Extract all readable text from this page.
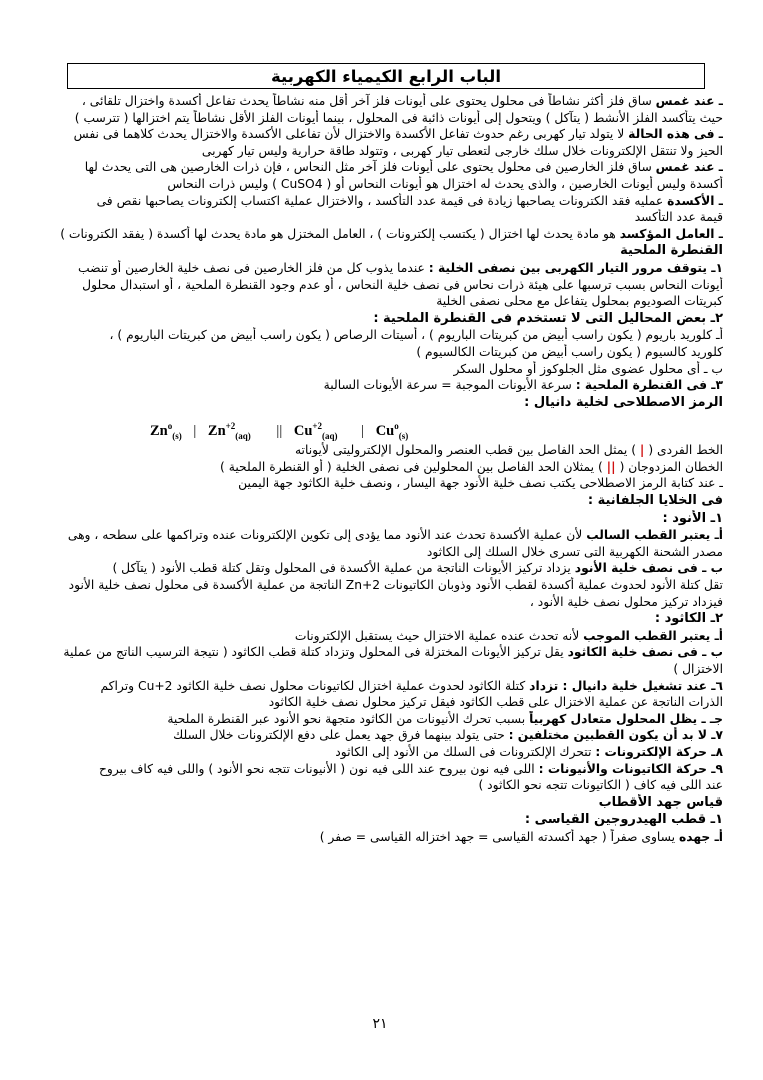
الباب الرابع الكيمياء الكهربية
ـ عند غمس ساق فلز أكثر نشاطاً فى محلول يحتوى على أيونات فلز آخر أقل منه نشاطاً يحدث تفاعل أكسدة واختزال تلقائى ،
حيث يتأكسد الفلز الأنشط ( يتآكل ) ويتحول إلى أيونات ذائبة فى المحلول ، بينما أيونات الفلز الأقل نشاطاً يتم اختزالها ( تترسب )
ـ فى هذه الحالة لا يتولد تيار كهربى رغم حدوث تفاعل الأكسدة والاختزال لأن تفاعلى الأكسدة والاختزال يحدث كلاهما فى نفس
الحيز ولا تنتقل الإلكترونات خلال سلك خارجى لتعطى تيار كهربى ، وتتولد طاقة حرارية وليس تيار كهربى
ـ عند غمس ساق فلز الخارصين فى محلول يحتوى على أيونات فلز آخر مثل النحاس ، فإن ذرات الخارصين هى التى يحدث لها
أكسدة وليس أيونات الخارصين ، والذى يحدث له اختزال هو أيونات النحاس أو ( CuSO4 ) وليس ذرات النحاس
ـ الأكسدة عمليه فقد الكترونات يصاحبها زيادة فى قيمة عدد التأكسد ، والاختزال عملية اكتساب إلكترونات يصاحبها نقص فى
قيمة عدد التأكسد
ـ العامل المؤكسد هو مادة يحدث لها اختزال ( يكتسب إلكترونات ) ، العامل المختزل هو مادة يحدث لها أكسدة ( يفقد الكترونات )
القنطرة الملحية
١ـ يتوقف مرور التيار الكهربى بين نصفى الخلية : عندما يذوب كل من فلز الخارصين فى نصف خلية الخارصين أو تنضب
أيونات النحاس بسبب ترسبها على هيئة ذرات نحاس فى نصف خلية النحاس ، أو عدم وجود القنطرة الملحية ، أو استبدال محلول
كبريتات الصوديوم بمحلول يتفاعل مع محلى نصفى الخلية
٢ـ بعض المحاليل التى لا تستخدم فى القنطرة الملحية :
أـ كلوريد باريوم ( يكون راسب أبيض من كبريتات الباريوم ) ، أسيتات الرصاص ( يكون راسب أبيض من كبريتات الباريوم ) ،
كلوريد كالسيوم ( يكون راسب أبيض من كبريتات الكالسيوم )
ب ـ أى محلول عضوى مثل الجلوكوز أو محلول السكر
٣ـ فى القنطرة الملحية : سرعة الأيونات الموجبة = سرعة الأيونات السالبة
الرمز الاصطلاحى لخلية دانيال :
$Zn^o_{(s)}$ | $Zn^{+2}_{(aq)}$ || $Cu^{+2}_{(aq)}$ | $Cu^o_{(s)}$
الخط الفردى ( | ) يمثل الحد الفاصل بين قطب العنصر والمحلول الإلكتروليتى لأيوناته
الخطان المزدوجان ( || ) يمثلان الحد الفاصل بين المحلولين فى نصفى الخلية ( أو القنطرة الملحية )
ـ عند كتابة الرمز الاصطلاحى يكتب نصف خلية الأنود جهة اليسار ، ونصف خلية الكاثود جهة اليمين
فى الخلايا الجلفانية :
١ـ الأنود :
أـ يعتبر القطب السالب لأن عملية الأكسدة تحدث عند الأنود مما يؤدى إلى تكوين الإلكترونات عنده وتراكمها على سطحه ، وهى
مصدر الشحنة الكهربية التى تسرى خلال السلك إلى الكاثود
ب ـ فى نصف خلية الأنود يزداد تركيز الأيونات الناتجة من عملية الأكسدة فى المحلول وتقل كتلة قطب الأنود ( يتآكل )
تقل كتلة الأنود لحدوث عملية أكسدة لقطب الأنود وذوبان الكاتيونات Zn+2 الناتجة من عملية الأكسدة فى محلول نصف خلية الأنود
فيزداد تركيز محلول نصف خلية الأنود ،
٢ـ الكاثود :
أـ يعتبر القطب الموجب لأنه تحدث عنده عملية الاختزال حيث يستقبل الإلكترونات
ب ـ فى نصف خلية الكاثود يقل تركيز الأيونات المختزلة فى المحلول وتزداد كتلة قطب الكاثود ( نتيجة الترسيب الناتج من عملية
الاختزال )
٦ـ عند تشغيل خلية دانيال : تزداد كتلة الكاثود لحدوث عملية اختزال لكاتيونات محلول نصف خلية الكاثود Cu+2 وتراكم
الذرات الناتجة عن عملية الاختزال على قطب الكاثود فيقل تركيز محلول نصف خلية الكاثود
جـ ـ يظل المحلول متعادل كهربياً بسبب تحرك الأنيونات من الكاثود متجهة نحو الأنود عبر القنطرة الملحية
٧ـ لا بد أن يكون القطبين مختلفين : حتى يتولد بينهما فرق جهد يعمل على دفع الإلكترونات خلال السلك
٨ـ حركة الإلكترونات : تتحرك الإلكترونات فى السلك من الأنود إلى الكاثود
٩ـ حركة الكاتيونات والأنيونات : اللى فيه نون بيروح عند اللى فيه نون ( الأنيونات تتجه نحو الأنود ) واللى فيه كاف بيروح
عند اللى فيه كاف ( الكاتيونات تتجه نحو الكاثود )
قياس جهد الأقطاب
١ـ قطب الهيدروجين القياسى :
أـ جهده يساوى صفراً ( جهد أكسدته القياسى = جهد اختزاله القياسى = صفر )
٢١
